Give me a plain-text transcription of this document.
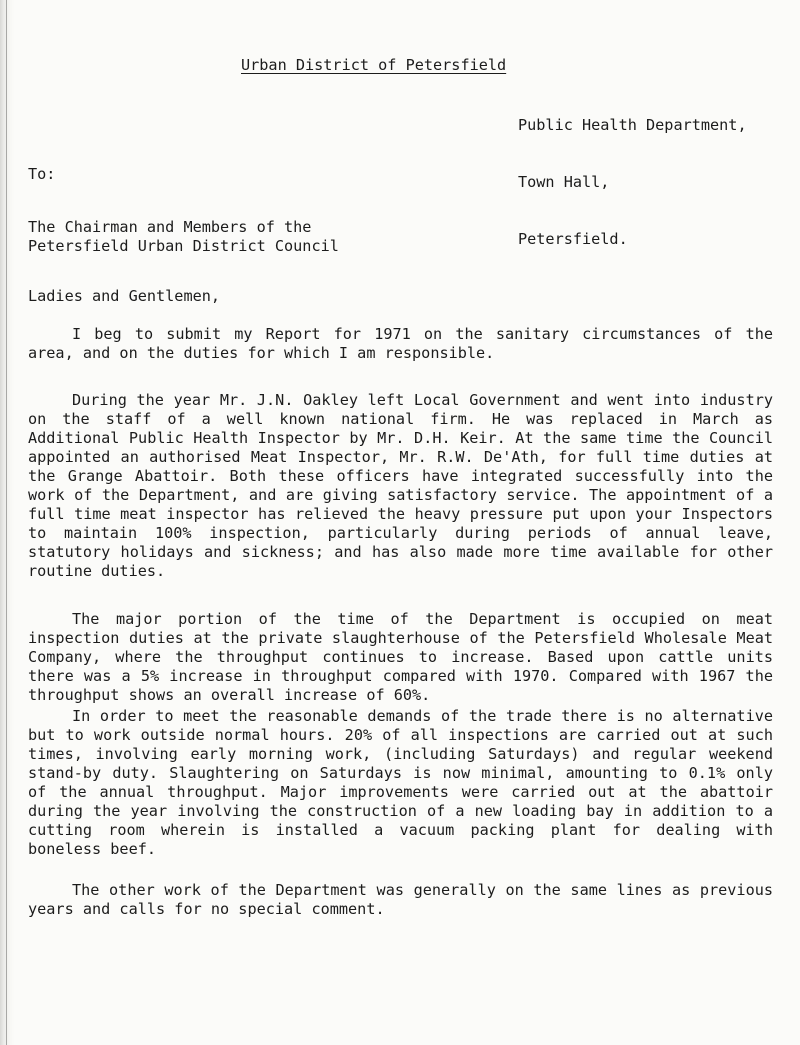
Urban District of Petersfield

Public Health Department,

Town Hall,

Petersfield.

To:
The Chairman and Members of the
Petersfield Urban District Council
Ladies and Gentlemen,

I beg to submit my Report for 1971 on the sanitary circumstances of the area, and on the duties for which I am responsible.

During the year Mr. J.N. Oakley left Local Government and went into industry on the staff of a well known national firm. He was replaced in March as Additional Public Health Inspector by Mr. D.H. Keir. At the same time the Council appointed an authorised Meat Inspector, Mr. R.W. De'Ath, for full time duties at the Grange Abattoir. Both these officers have integrated successfully into the work of the Department, and are giving satisfactory service. The appointment of a full time meat inspector has relieved the heavy pressure put upon your Inspectors to maintain 100% inspection, particularly during periods of annual leave, statutory holidays and sickness; and has also made more time available for other routine duties.

The major portion of the time of the Department is occupied on meat inspection duties at the private slaughterhouse of the Petersfield Wholesale Meat Company, where the throughput continues to increase. Based upon cattle units there was a 5% increase in throughput compared with 1970. Compared with 1967 the throughput shows an overall increase of 60%.

In order to meet the reasonable demands of the trade there is no alternative but to work outside normal hours. 20% of all inspections are carried out at such times, involving early morning work, (including Saturdays) and regular weekend stand-by duty. Slaughtering on Saturdays is now minimal, amounting to 0.1% only of the annual throughput. Major improvements were carried out at the abattoir during the year involving the construction of a new loading bay in addition to a cutting room wherein is installed a vacuum packing plant for dealing with boneless beef.

The other work of the Department was generally on the same lines as previous years and calls for no special comment.
